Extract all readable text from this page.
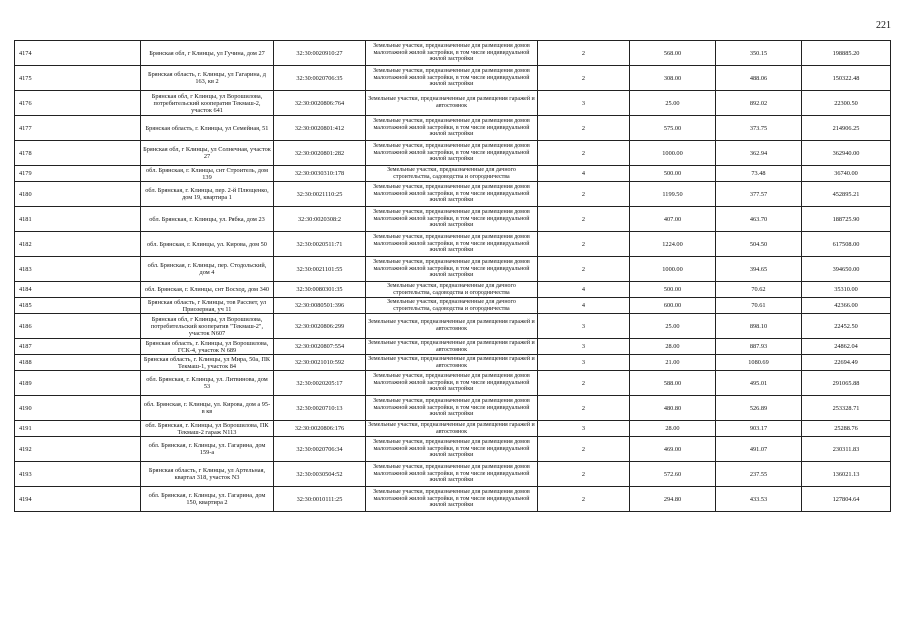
221
4174	Брянская обл, г Клинцы, ул Гучина, дом 27	32:30:0020910:27	Земельные участки, предназначенные для размещения домов малоэтажной жилой застройки, в том числе индивидуальной жилой застройки	2	568.00	350.15	198885.20
4175	Брянская область, г. Клинцы, ул Гагарина, д 163, кв 2	32:30:0020706:35	Земельные участки, предназначенные для размещения домов малоэтажной жилой застройки, в том числе индивидуальной жилой застройки	2	308.00	488.06	150322.48
4176	Брянская обл, г Клинцы, ул Ворошилова, потребительский кооператив Текмаш-2, участок 641	32:30:0020806:764	Земельные участки, предназначенные для размещения гаражей и автостоянок	3	25.00	892.02	22300.50
4177	Брянская область, г. Клинцы, ул Семейная, 51	32:30:0020801:412	Земельные участки, предназначенные для размещения домов малоэтажной жилой застройки, в том числе индивидуальной жилой застройки	2	575.00	373.75	214906.25
4178	Брянская обл, г Клинцы, ул Солнечная, участок 27	32:30:0020801:282	Земельные участки, предназначенные для размещения домов малоэтажной жилой застройки, в том числе индивидуальной жилой застройки	2	1000.00	362.94	362940.00
4179	обл. Брянская, г. Клинцы, снт Строитель, дом 139	32:30:0030310:178	Земельные участки, предназначенные для дачного строительства, садоводства и огородничества	4	500.00	73.48	36740.00
4180	обл. Брянская, г. Клинцы, пер. 2-й Плющенко, дом 19, квартира 1	32:30:0021110:25	Земельные участки, предназначенные для размещения домов малоэтажной жилой застройки, в том числе индивидуальной жилой застройки	2	1199.50	377.57	452895.21
4181	обл. Брянская, г. Клинцы, ул. Рябка, дом 23	32:30:0020308:2	Земельные участки, предназначенные для размещения домов малоэтажной жилой застройки, в том числе индивидуальной жилой застройки	2	407.00	463.70	188725.90
4182	обл. Брянская, г. Клинцы, ул. Кирова, дом 50	32:30:0020511:71	Земельные участки, предназначенные для размещения домов малоэтажной жилой застройки, в том числе индивидуальной жилой застройки	2	1224.00	504.50	617508.00
4183	обл. Брянская, г. Клинцы, пер. Стодольский, дом 4	32:30:0021101:55	Земельные участки, предназначенные для размещения домов малоэтажной жилой застройки, в том числе индивидуальной жилой застройки	2	1000.00	394.65	394650.00
4184	обл. Брянская, г. Клинцы, снт Восход, дом 340	32:30:0080301:35	Земельные участки, предназначенные для дачного строительства, садоводства и огородничества	4	500.00	70.62	35310.00
4185	Брянская область, г Клинцы, тов Рассвет, ул Приозерная, уч 11	32:30:0080501:396	Земельные участки, предназначенные для дачного строительства, садоводства и огородничества	4	600.00	70.61	42366.00
4186	Брянская обл, г Клинцы, ул Ворошилова, потребительский кооператив "Текмаш-2", участок N607	32:30:0020806:299	Земельные участки, предназначенные для размещения гаражей и автостоянок	3	25.00	898.10	22452.50
4187	Брянская область, г. Клинцы, ул Ворошилова, ГСК-4, участок N 689	32:30:0020807:554	Земельные участки, предназначенные для размещения гаражей и автостоянок	3	28.00	887.93	24862.04
4188	Брянская область, г. Клинцы, ул Мира, 50а, ПК Текмаш-1, участок 84	32:30:0021010:592	Земельные участки, предназначенные для размещения гаражей и автостоянок	3	21.00	1080.69	22694.49
4189	обл. Брянская, г. Клинцы, ул. Литвинова, дом 53	32:30:0020205:17	Земельные участки, предназначенные для размещения домов малоэтажной жилой застройки, в том числе индивидуальной жилой застройки	2	588.00	495.01	291065.88
4190	обл. Брянская, г. Клинцы, ул. Кирова, дом а 95-в кв	32:30:0020710:13	Земельные участки, предназначенные для размещения домов малоэтажной жилой застройки, в том числе индивидуальной жилой застройки	2	480.80	526.89	253328.71
4191	обл. Брянская, г. Клинцы, ул Ворошилова, ПК Текмаш-2 гараж N113	32:30:0020806:176	Земельные участки, предназначенные для размещения гаражей и автостоянок	3	28.00	903.17	25288.76
4192	обл. Брянская, г. Клинцы, ул. Гагарина, дом 159-а	32:30:0020706:34	Земельные участки, предназначенные для размещения домов малоэтажной жилой застройки, в том числе индивидуальной жилой застройки	2	469.00	491.07	230311.83
4193	Брянская область, г Клинцы, ул Артельная, квартал 318, участок N3	32:30:0030504:52	Земельные участки, предназначенные для размещения домов малоэтажной жилой застройки, в том числе индивидуальной жилой застройки	2	572.60	237.55	136021.13
4194	обл. Брянская, г. Клинцы, ул. Гагарина, дом 150, квартира 2	32:30:0010111:25	Земельные участки, предназначенные для размещения домов малоэтажной жилой застройки, в том числе индивидуальной жилой застройки	2	294.80	433.53	127804.64
